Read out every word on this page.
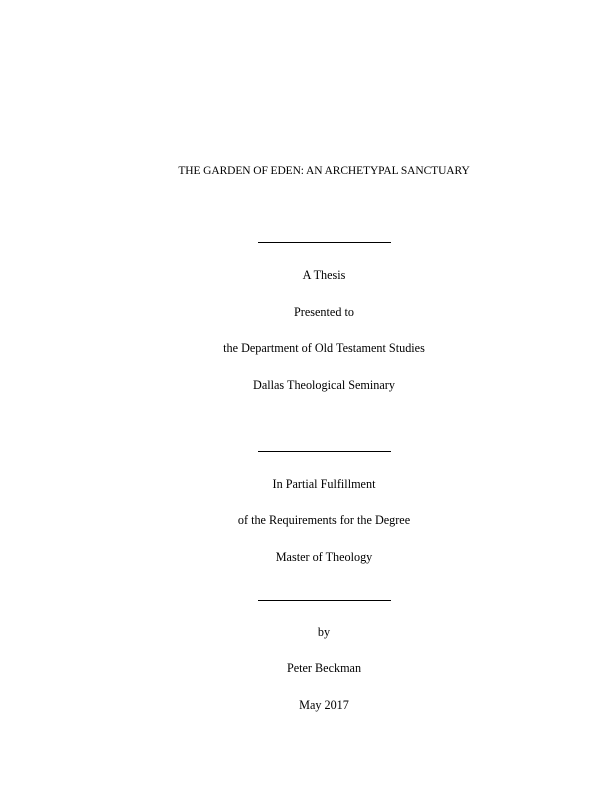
THE GARDEN OF EDEN: AN ARCHETYPAL SANCTUARY
A Thesis
Presented to
the Department of Old Testament Studies
Dallas Theological Seminary
In Partial Fulfillment
of the Requirements for the Degree
Master of Theology
by
Peter Beckman
May 2017
